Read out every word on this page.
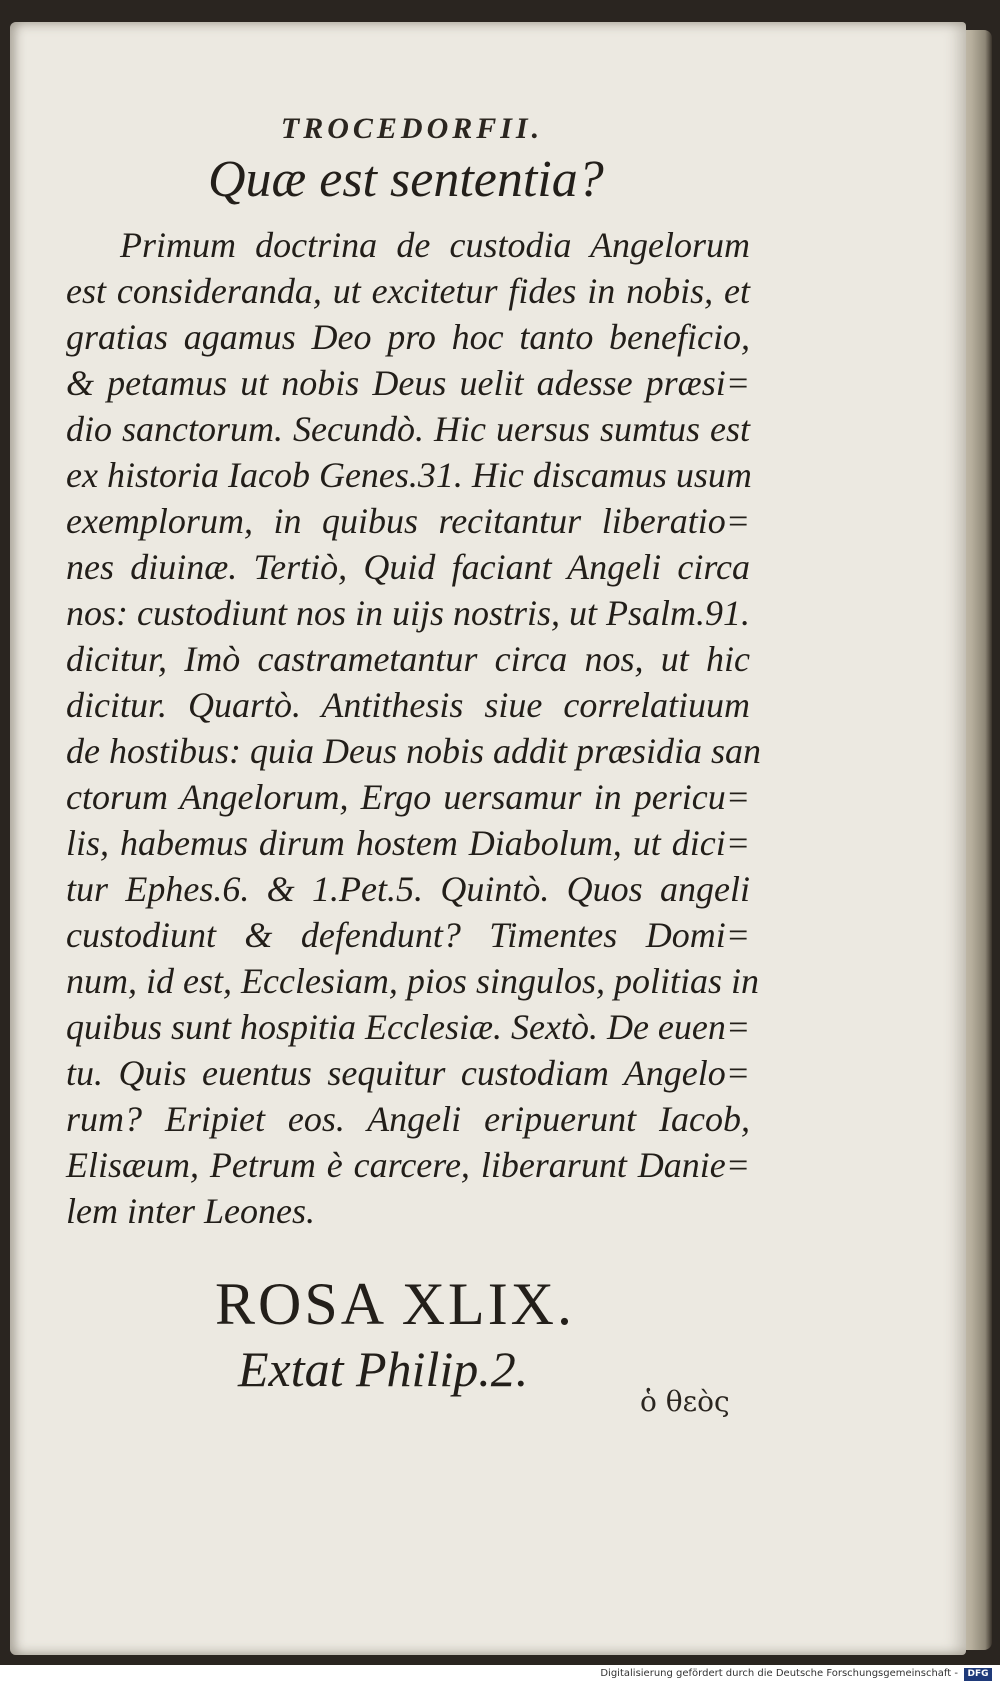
TROCEDORFII.
Quæ est sententia?
Primum doctrina de custodia Angelorum
est consideranda, ut excitetur fides in nobis, et
gratias agamus Deo pro hoc tanto beneficio,
& petamus ut nobis Deus uelit adesse præsi=
dio sanctorum. Secundò. Hic uersus sumtus est
ex historia Iacob Genes.31. Hic discamus usum
exemplorum, in quibus recitantur liberatio=
nes diuinæ. Tertiò, Quid faciant Angeli circa
nos: custodiunt nos in uijs nostris, ut Psalm.91.
dicitur, Imò castrametantur circa nos, ut hic
dicitur. Quartò. Antithesis siue correlatiuum
de hostibus: quia Deus nobis addit præsidia san
ctorum Angelorum, Ergo uersamur in pericu=
lis, habemus dirum hostem Diabolum, ut dici=
tur Ephes.6. & 1.Pet.5. Quintò. Quos angeli
custodiunt & defendunt? Timentes Domi=
num, id est, Ecclesiam, pios singulos, politias in
quibus sunt hospitia Ecclesiæ. Sextò. De euen=
tu. Quis euentus sequitur custodiam Angelo=
rum? Eripiet eos. Angeli eripuerunt Iacob,
Elisæum, Petrum è carcere, liberarunt Danie=
lem inter Leones.
ROSA XLIX.
Extat Philip.2.
ὁ θεὸς
Digitalisierung gefördert durch die Deutsche Forschungsgemeinschaft -	DFG
